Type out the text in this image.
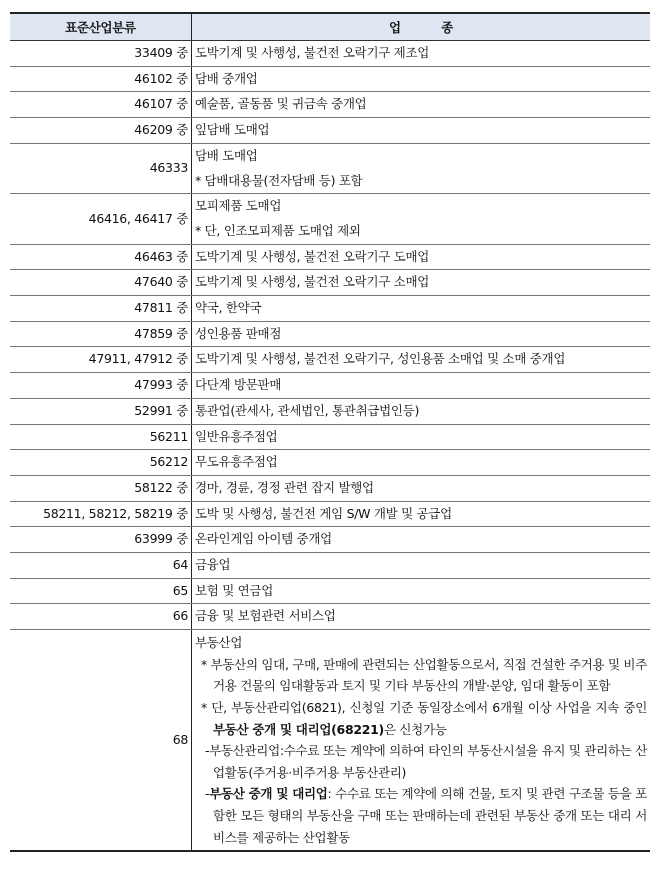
표준산업분류	업          종
33409 중	도박기계 및 사행성, 불건전 오락기구 제조업

46102 중	담배 중개업

46107 중	예술품, 골동품 및 귀금속 중개업

46209 중	잎담배 도매업

46333	담배 도매업
* 담배대용물(전자담배 등) 포함

46416, 46417 중	모피제품 도매업
* 단, 인조모피제품 도매업 제외

46463 중	도박기계 및 사행성, 불건전 오락기구 도매업

47640 중	도박기계 및 사행성, 불건전 오락기구 소매업

47811 중	약국, 한약국

47859 중	성인용품 판매점

47911, 47912 중	도박기계 및 사행성, 불건전 오락기구, 성인용품 소매업 및 소매 중개업

47993 중	다단계 방문판매

52991 중	통관업(관세사, 관세법인, 통관취급법인등)

56211	일반유흥주점업

56212	무도유흥주점업

58122 중	경마, 경륜, 경정 관련 잡지 발행업

58211, 58212, 58219 중	도박 및 사행성, 불건전 게임 S/W 개발 및 공급업

63999 중	온라인게임 아이템 중개업

64	금융업

65	보험 및 연금업

66	금융 및 보험관련 서비스업

68	부동산업
* 부동산의 임대, 구매, 판매에 관련되는 산업활동으로서, 직접 건설한 주거용 및 비주거용 건물의 임대활동과 토지 및 기타 부동산의 개발·분양, 임대 활동이 포함
* 단, 부동산관리업(6821), 신청일 기준 동일장소에서 6개월 이상 사업을 지속 중인 부동산 중개 및 대리업(68221)은 신청가능
-부동산관리업:수수료 또는 계약에 의하여 타인의 부동산시설을 유지 및 관리하는 산업활동(주거용·비주거용 부동산관리)
-부동산 중개 및 대리업: 수수료 또는 계약에 의해 건물, 토지 및 관련 구조물 등을 포함한 모든 형태의 부동산을 구매 또는 판매하는데 관련된 부동산 중개 또는 대리 서비스를 제공하는 산업활동
